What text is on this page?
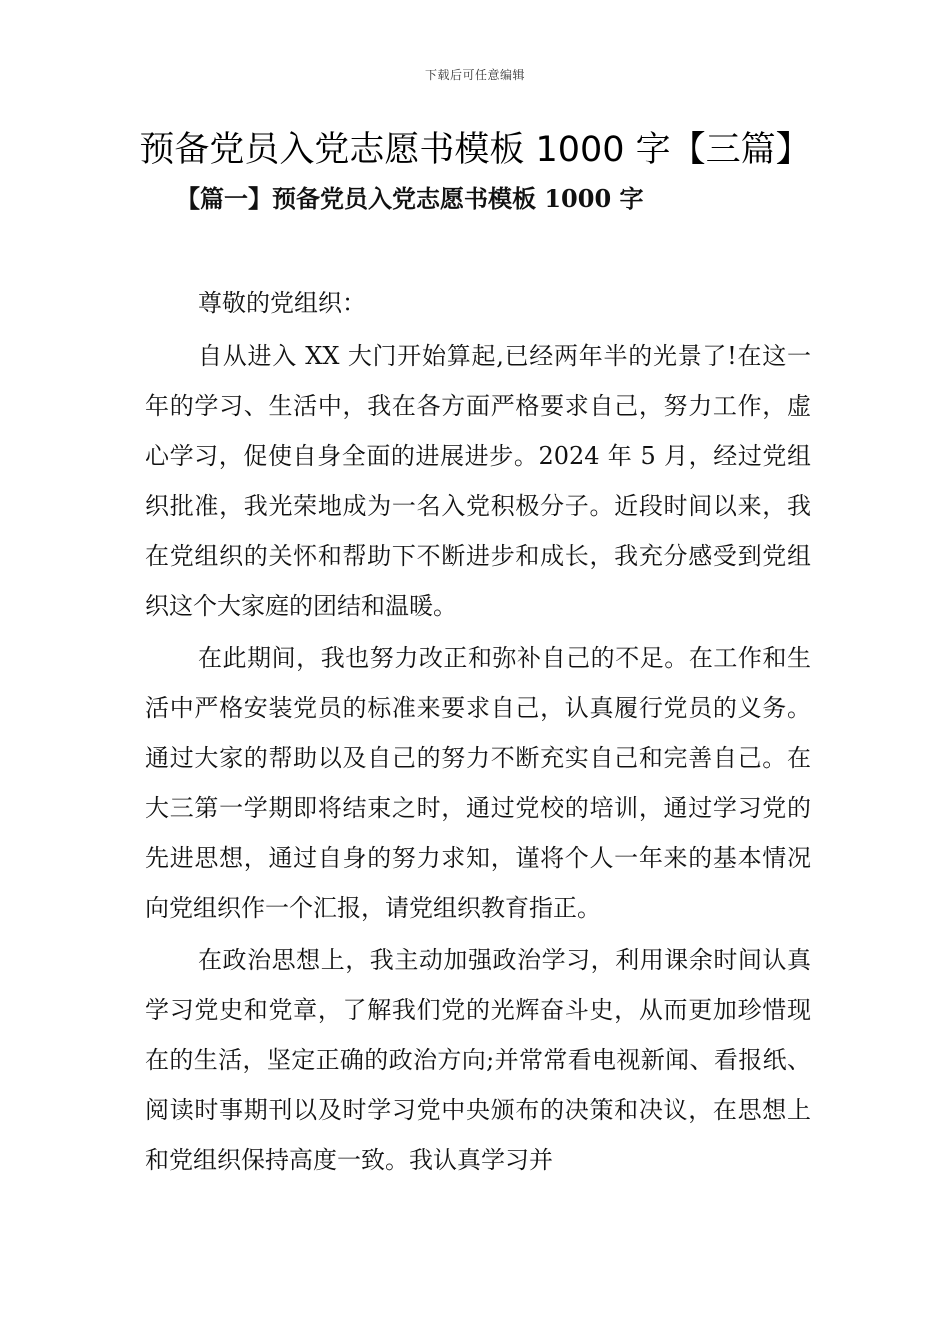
下载后可任意编辑
预备党员入党志愿书模板 1000 字【三篇】
【篇一】预备党员入党志愿书模板 1000 字

尊敬的党组织：

自从进入 XX 大门开始算起,已经两年半的光景了!在这一年的学习、生活中，我在各方面严格要求自己，努力工作，虚心学习，促使自身全面的进展进步。2024 年 5 月，经过党组织批准，我光荣地成为一名入党积极分子。近段时间以来，我在党组织的关怀和帮助下不断进步和成长，我充分感受到党组织这个大家庭的团结和温暖。

在此期间，我也努力改正和弥补自己的不足。在工作和生活中严格安装党员的标准来要求自己，认真履行党员的义务。通过大家的帮助以及自己的努力不断充实自己和完善自己。在大三第一学期即将结束之时，通过党校的培训，通过学习党的先进思想，通过自身的努力求知，谨将个人一年来的基本情况向党组织作一个汇报，请党组织教育指正。

在政治思想上，我主动加强政治学习，利用课余时间认真学习党史和党章，了解我们党的光辉奋斗史，从而更加珍惜现在的生活，坚定正确的政治方向;并常常看电视新闻、看报纸、阅读时事期刊以及时学习党中央颁布的决策和决议，在思想上和党组织保持高度一致。我认真学习并
